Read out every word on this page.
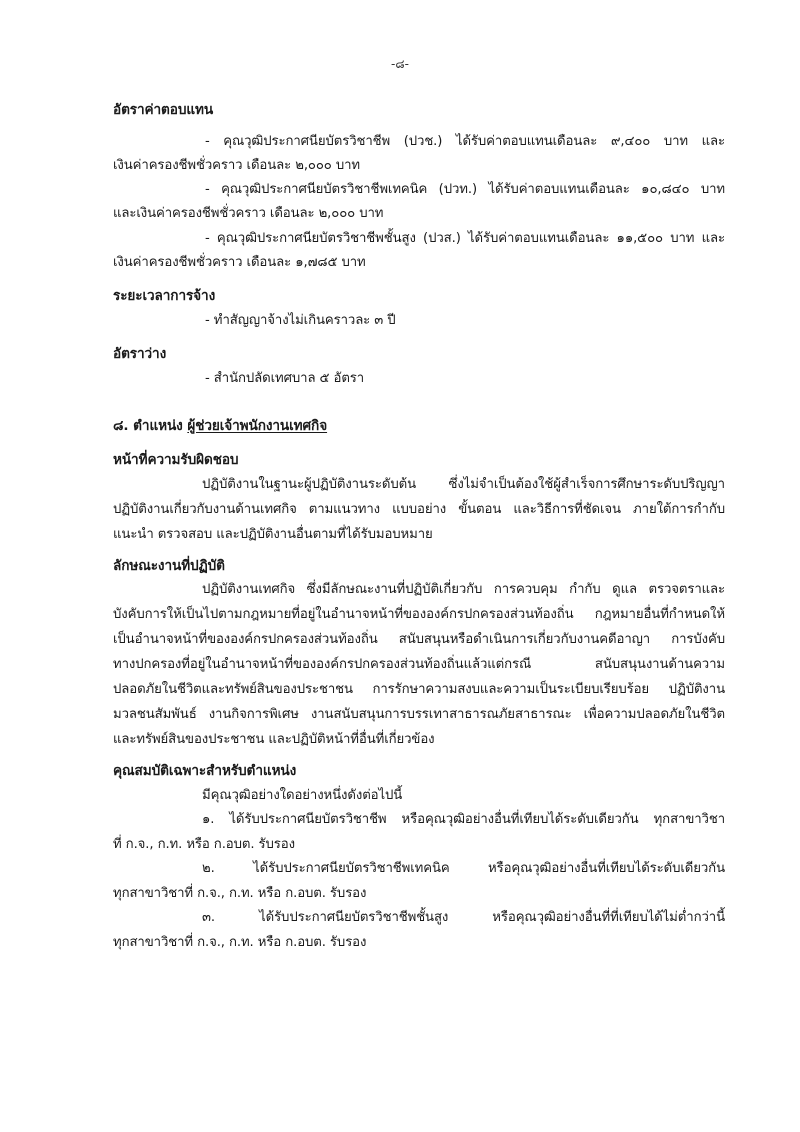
-๘-
อัตราค่าตอบแทน
- คุณวุฒิประกาศนียบัตรวิชาชีพ (ปวช.) ได้รับค่าตอบแทนเดือนละ ๙,๔๐๐ บาท และ
เงินค่าครองชีพชั่วคราว เดือนละ ๒,๐๐๐ บาท
- คุณวุฒิประกาศนียบัตรวิชาชีพเทคนิค (ปวท.) ได้รับค่าตอบแทนเดือนละ ๑๐,๘๔๐ บาท
และเงินค่าครองชีพชั่วคราว เดือนละ ๒,๐๐๐ บาท
- คุณวุฒิประกาศนียบัตรวิชาชีพชั้นสูง (ปวส.) ได้รับค่าตอบแทนเดือนละ ๑๑,๕๐๐ บาท และ
เงินค่าครองชีพชั่วคราว เดือนละ ๑,๗๘๕ บาท
ระยะเวลาการจ้าง
- ทำสัญญาจ้างไม่เกินคราวละ ๓ ปี
อัตราว่าง
- สำนักปลัดเทศบาล ๕ อัตรา
๘. ตำแหน่ง ผู้ช่วยเจ้าพนักงานเทศกิจ
หน้าที่ความรับผิดชอบ
ปฏิบัติงานในฐานะผู้ปฏิบัติงานระดับต้น ซึ่งไม่จำเป็นต้องใช้ผู้สำเร็จการศึกษาระดับปริญญา
ปฏิบัติงานเกี่ยวกับงานด้านเทศกิจ ตามแนวทาง แบบอย่าง ขั้นตอน และวิธีการที่ชัดเจน ภายใต้การกำกับ
แนะนำ ตรวจสอบ และปฏิบัติงานอื่นตามที่ได้รับมอบหมาย
ลักษณะงานที่ปฏิบัติ
ปฏิบัติงานเทศกิจ ซึ่งมีลักษณะงานที่ปฏิบัติเกี่ยวกับ การควบคุม กำกับ ดูแล ตรวจตราและ
บังคับการให้เป็นไปตามกฎหมายที่อยู่ในอำนาจหน้าที่ขององค์กรปกครองส่วนท้องถิ่น กฎหมายอื่นที่กำหนดให้
เป็นอำนาจหน้าที่ขององค์กรปกครองส่วนท้องถิ่น สนับสนุนหรือดำเนินการเกี่ยวกับงานคดีอาญา การบังคับ
ทางปกครองที่อยู่ในอำนาจหน้าที่ขององค์กรปกครองส่วนท้องถิ่นแล้วแต่กรณี สนับสนุนงานด้านความ
ปลอดภัยในชีวิตและทรัพย์สินของประชาชน การรักษาความสงบและความเป็นระเบียบเรียบร้อย ปฏิบัติงาน
มวลชนสัมพันธ์ งานกิจการพิเศษ งานสนับสนุนการบรรเทาสาธารณภัยสาธารณะ เพื่อความปลอดภัยในชีวิต
และทรัพย์สินของประชาชน และปฏิบัติหน้าที่อื่นที่เกี่ยวข้อง
คุณสมบัติเฉพาะสำหรับตำแหน่ง
มีคุณวุฒิอย่างใดอย่างหนึ่งดังต่อไปนี้
๑. ได้รับประกาศนียบัตรวิชาชีพ หรือคุณวุฒิอย่างอื่นที่เทียบได้ระดับเดียวกัน ทุกสาขาวิชา
ที่ ก.จ., ก.ท. หรือ ก.อบต. รับรอง
๒. ได้รับประกาศนียบัตรวิชาชีพเทคนิค หรือคุณวุฒิอย่างอื่นที่เทียบได้ระดับเดียวกัน
ทุกสาขาวิชาที่ ก.จ., ก.ท. หรือ ก.อบต. รับรอง
๓. ได้รับประกาศนียบัตรวิชาชีพชั้นสูง หรือคุณวุฒิอย่างอื่นที่ที่เทียบได้ไม่ต่ำกว่านี้
ทุกสาขาวิชาที่ ก.จ., ก.ท. หรือ ก.อบต. รับรอง
